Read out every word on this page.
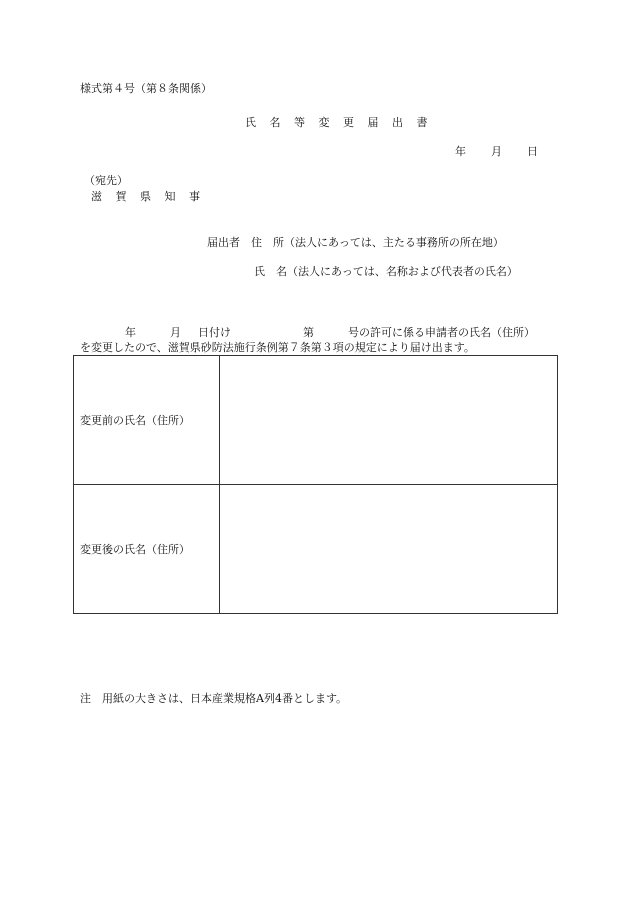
様式第４号（第８条関係）
氏 名 等 変 更 届 出 書
年 月 日
（宛先）
滋 賀 県 知 事
届出者　住　所（法人にあっては、主たる事務所の所在地）
氏　名（法人にあっては、名称および代表者の氏名）
年	月 日付け	第	号の許可に係る申請者の氏名（住所）
を変更したので、滋賀県砂防法施行条例第７条第３項の規定により届け出ます。
変更前の氏名（住所）	
変更後の氏名（住所）	
注　用紙の大きさは、日本産業規格A列4番とします。
